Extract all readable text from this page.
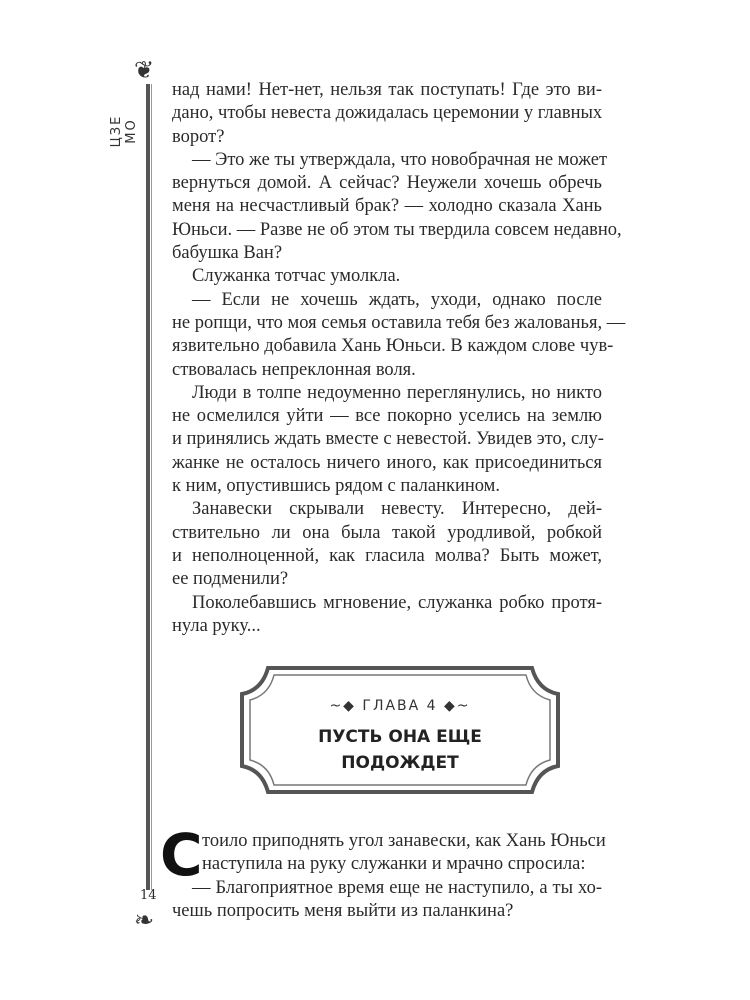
❦
ЦЗЕ МО
14
❧
над нами! Нет-нет, нельзя так поступать! Где это ви-
дано, чтобы невеста дожидалась церемонии у главных
ворот?
— Это же ты утверждала, что новобрачная не может
вернуться домой. А сейчас? Неужели хочешь обречь
меня на несчастливый брак? — холодно сказала Хань
Юньси. — Разве не об этом ты твердила совсем недавно,
бабушка Ван?
Служанка тотчас умолкла.
— Если не хочешь ждать, уходи, однако после
не ропщи, что моя семья оставила тебя без жалованья, —
язвительно добавила Хань Юньси. В каждом слове чув-
ствовалась непреклонная воля.
Люди в толпе недоуменно переглянулись, но никто
не осмелился уйти — все покорно уселись на землю
и принялись ждать вместе с невестой. Увидев это, слу-
жанке не осталось ничего иного, как присоединиться
к ним, опустившись рядом с паланкином.
Занавески скрывали невесту. Интересно, дей-
ствительно ли она была такой уродливой, робкой
и неполноценной, как гласила молва? Быть может,
ее подменили?
Поколебавшись мгновение, служанка робко протя-
нула руку...
~◆ ГЛАВА 4 ◆~
ПУСТЬ ОНА ЕЩЕ
ПОДОЖДЕТ
С тоило приподнять угол занавески, как Хань Юньси
наступила на руку служанки и мрачно спросила:
— Благоприятное время еще не наступило, а ты хо-
чешь попросить меня выйти из паланкина?
